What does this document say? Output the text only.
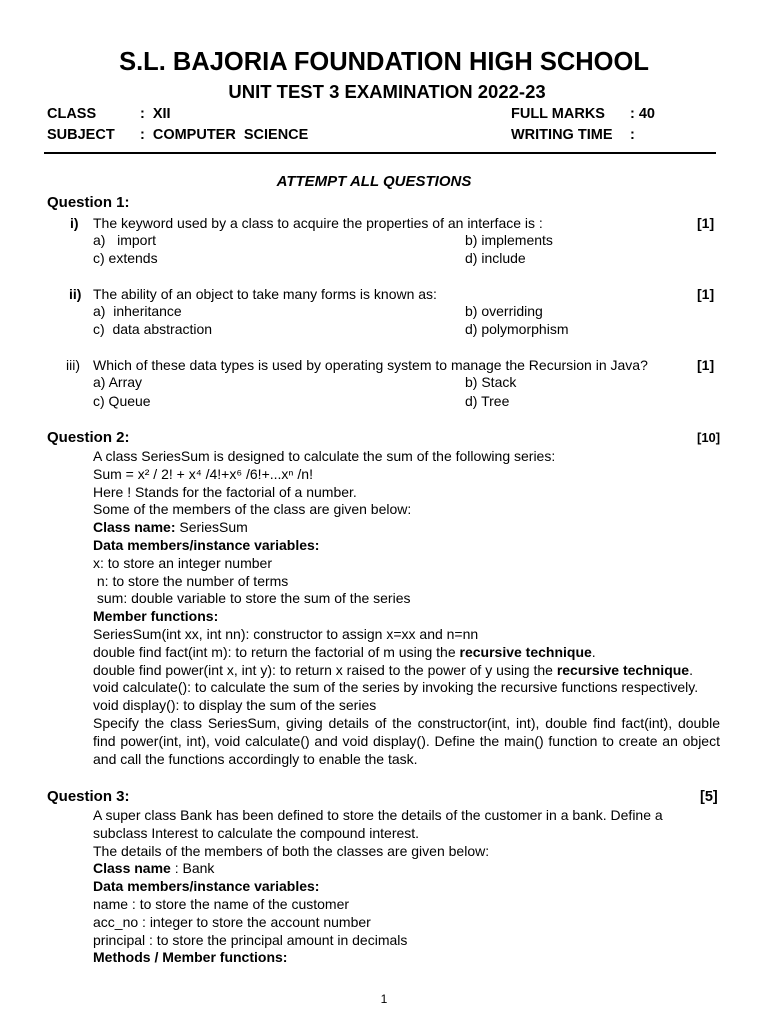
S.L. BAJORIA FOUNDATION HIGH SCHOOL
UNIT TEST 3 EXAMINATION 2022-23
CLASS	: XII	FULL MARKS : 40
SUBJECT : COMPUTER SCIENCE	WRITING TIME :
ATTEMPT ALL QUESTIONS
Question 1:
i) The keyword used by a class to acquire the properties of an interface is :	[1]
a)   import	b) implements
c) extends	d) include
ii) The ability of an object to take many forms is known as:	[1]
a)  inheritance	b) overriding
c)  data abstraction	d) polymorphism
iii) Which of these data types is used by operating system to manage the Recursion in Java?	[1]
a) Array	b) Stack
c) Queue	d) Tree
Question 2:	[10]
A class SeriesSum is designed to calculate the sum of the following series:
Sum = x² / 2! + x⁴ /4!+x⁶ /6!+...xⁿ /n!
Here ! Stands for the factorial of a number.
Some of the members of the class are given below:
Class name: SeriesSum
Data members/instance variables:
x: to store an integer number
n: to store the number of terms
sum: double variable to store the sum of the series
Member functions:
SeriesSum(int xx, int nn): constructor to assign x=xx and n=nn
double find fact(int m): to return the factorial of m using the recursive technique.
double find power(int x, int y): to return x raised to the power of y using the recursive technique.
void calculate(): to calculate the sum of the series by invoking the recursive functions respectively.
void display(): to display the sum of the series
Specify the class SeriesSum, giving details of the constructor(int, int), double find fact(int), double
find power(int, int), void calculate() and void display(). Define the main() function to create an object
and call the functions accordingly to enable the task.
Question 3:	[5]
A super class Bank has been defined to store the details of the customer in a bank. Define a
subclass Interest to calculate the compound interest.
The details of the members of both the classes are given below:
Class name : Bank
Data members/instance variables:
name : to store the name of the customer
acc_no : integer to store the account number
principal : to store the principal amount in decimals
Methods / Member functions:
1
